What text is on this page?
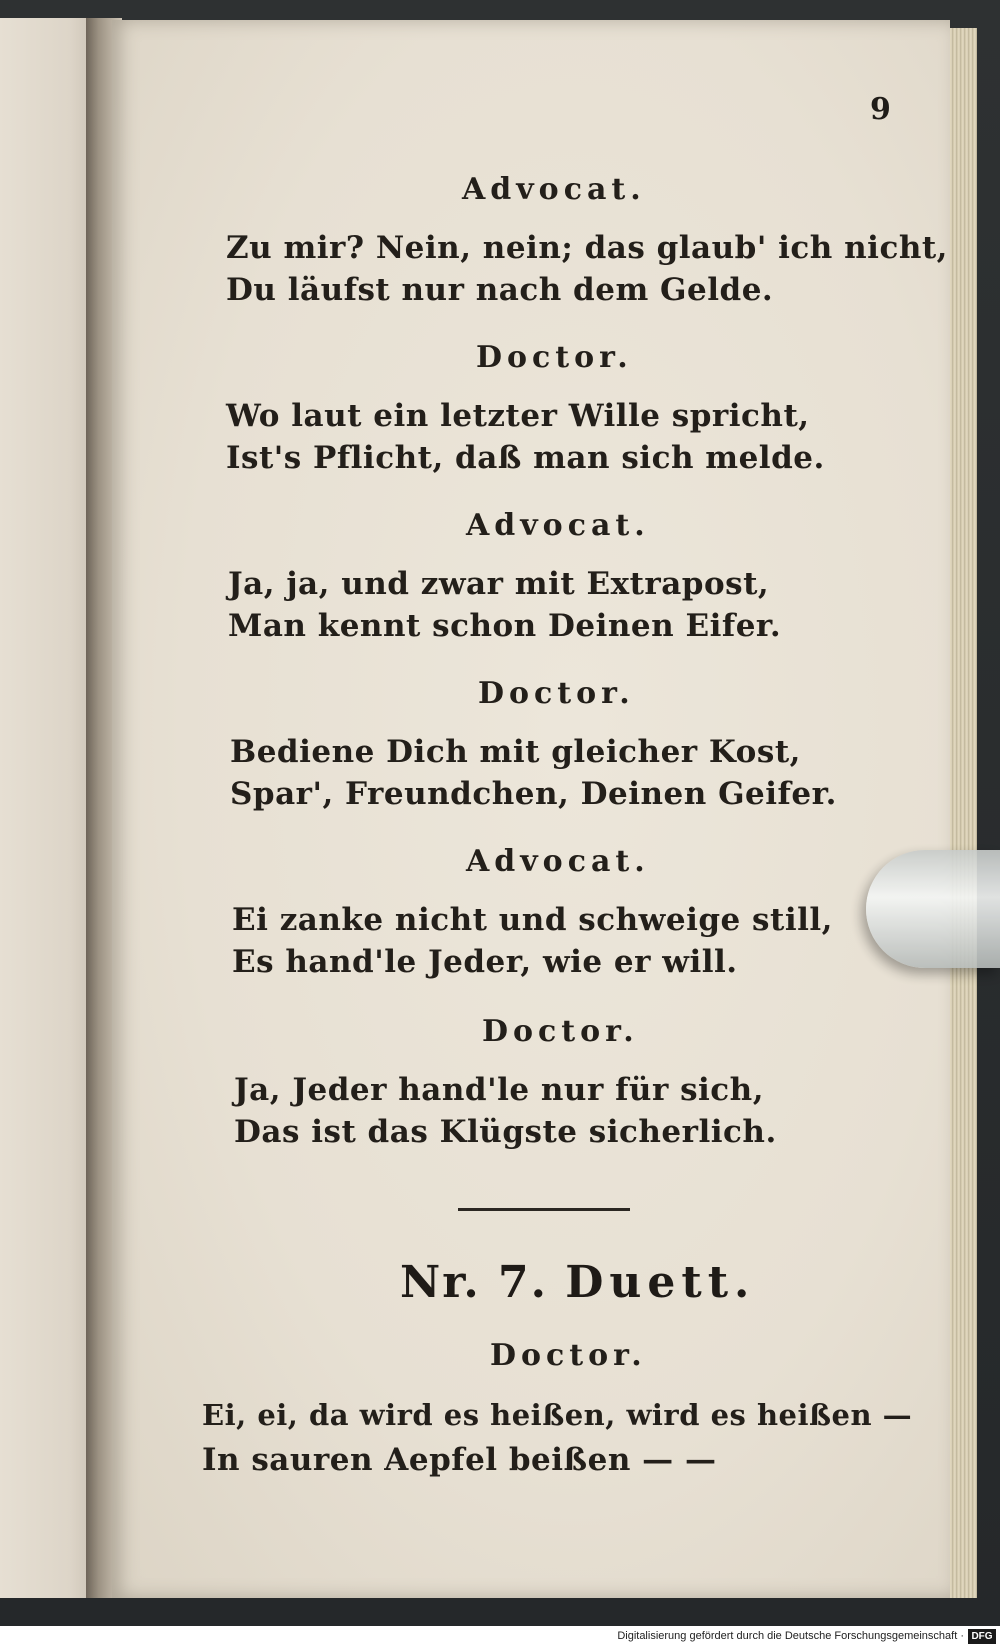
9
Advocat.
Zu mir? Nein, nein; das glaub' ich nicht,
Du läufst nur nach dem Gelde.
Doctor.
Wo laut ein letzter Wille spricht,
Ist's Pflicht, daß man sich melde.
Advocat.
Ja, ja, und zwar mit Extrapost,
Man kennt schon Deinen Eifer.
Doctor.
Bediene Dich mit gleicher Kost,
Spar', Freundchen, Deinen Geifer.
Advocat.
Ei zanke nicht und schweige still,
Es hand'le Jeder, wie er will.
Doctor.
Ja, Jeder hand'le nur für sich,
Das ist das Klügste sicherlich.
Nr. 7. Duett.
Doctor.
Ei, ei, da wird es heißen, wird es heißen —
In sauren Aepfel beißen — —
Digitalisierung gefördert durch die Deutsche Forschungsgemeinschaft · DFG
